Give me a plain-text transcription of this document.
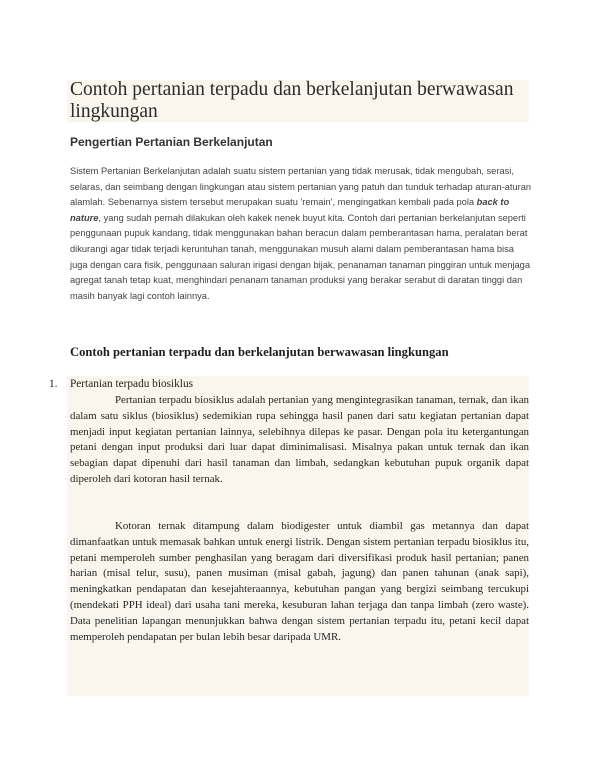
Contoh pertanian terpadu dan berkelanjutan berwawasan lingkungan
Pengertian Pertanian Berkelanjutan

Sistem Pertanian Berkelanjutan adalah suatu sistem pertanian yang tidak merusak, tidak mengubah, serasi, selaras, dan seimbang dengan lingkungan atau sistem pertanian yang patuh dan tunduk terhadap aturan-aturan alamlah. Sebenarnya sistem tersebut merupakan suatu 'remain', mengingatkan kembali pada pola back to nature, yang sudah pernah dilakukan oleh kakek nenek buyut kita. Contoh dari pertanian berkelanjutan seperti penggunaan pupuk kandang, tidak menggunakan bahan beracun dalam pemberantasan hama, peralatan berat dikurangi agar tidak terjadi keruntuhan tanah, menggunakan musuh alami dalam pemberantasan hama bisa juga dengan cara fisik, penggunaan saluran irigasi dengan bijak, penanaman tanaman pinggiran untuk menjaga agregat tanah tetap kuat, menghindari penanam tanaman produksi yang berakar serabut di daratan tinggi dan masih banyak lagi contoh lainnya.

Contoh pertanian terpadu dan berkelanjutan berwawasan lingkungan
1. Pertanian terpadu biosiklus

Pertanian terpadu biosiklus adalah pertanian yang mengintegrasikan tanaman, ternak, dan ikan dalam satu siklus (biosiklus) sedemikian rupa sehingga hasil panen dari satu kegiatan pertanian dapat menjadi input kegiatan pertanian lainnya, selebihnya dilepas ke pasar. Dengan pola itu ketergantungan petani dengan input produksi dari luar dapat diminimalisasi. Misalnya pakan untuk ternak dan ikan sebagian dapat dipenuhi dari hasil tanaman dan limbah, sedangkan kebutuhan pupuk organik dapat diperoleh dari kotoran hasil ternak.

Kotoran ternak ditampung dalam biodigester untuk diambil gas metannya dan dapat dimanfaatkan untuk memasak bahkan untuk energi listrik. Dengan sistem pertanian terpadu biosiklus itu, petani memperoleh sumber penghasilan yang beragam dari diversifikasi produk hasil pertanian; panen harian (misal telur, susu), panen musiman (misal gabah, jagung) dan panen tahunan (anak sapi), meningkatkan pendapatan dan kesejahteraannya, kebutuhan pangan yang bergizi seimbang tercukupi (mendekati PPH ideal) dari usaha tani mereka, kesuburan lahan terjaga dan tanpa limbah (zero waste). Data penelitian lapangan menunjukkan bahwa dengan sistem pertanian terpadu itu, petani kecil dapat memperoleh pendapatan per bulan lebih besar daripada UMR.
